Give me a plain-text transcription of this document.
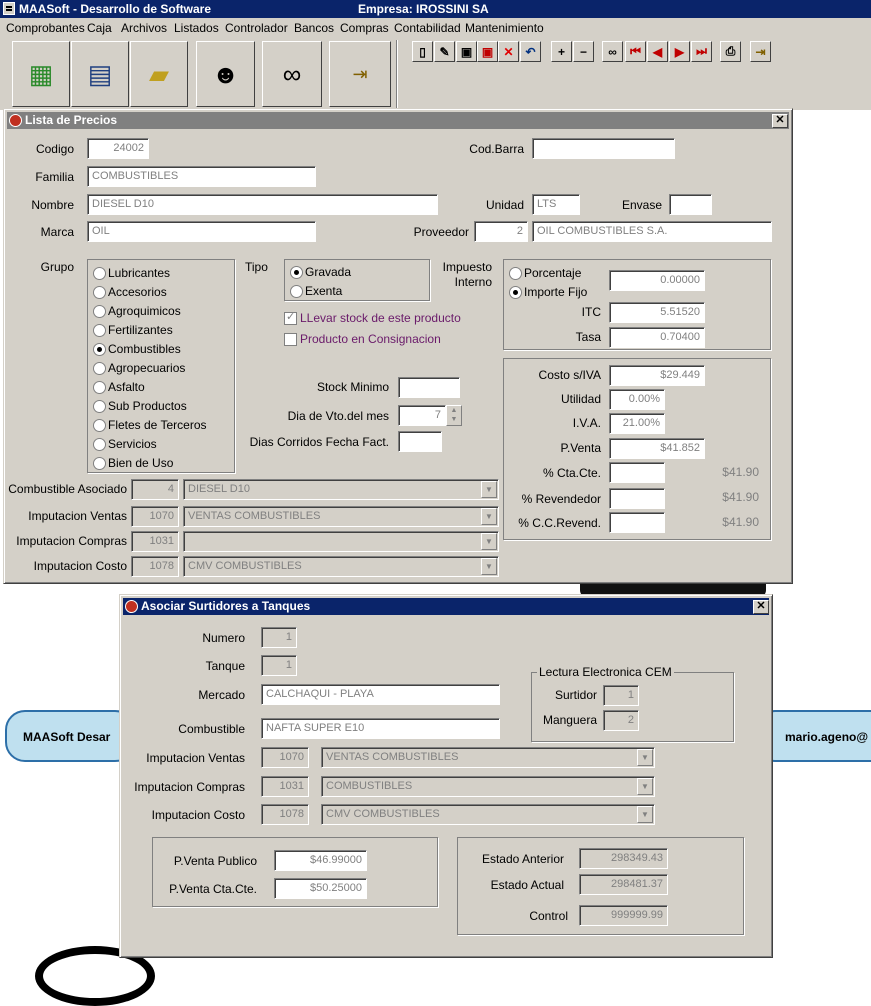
MAASoft - Desarrollo de Software	Empresa: IROSSINI SA
Comprobantes Caja Archivos Listados Controlador Bancos Compras Contabilidad Mantenimiento
▦ ▤ ▰ ☻ ∞	⇥
▯ ✎ ▣ ▣ ✕ ↶ + − ∞ ⏮ ◀ ▶ ⏭ ⎙ ⇥
MAASoft Desar	mario.ageno@
Lista de Precios	✕
Codigo	24002	Cod.Barra
Familia	COMBUSTIBLES
Nombre	DIESEL D10	Unidad	LTS	Envase
Marca	OIL	Proveedor	2	OIL COMBUSTIBLES S.A.
Grupo	Lubricantes
Accesorios
Agroquimicos
Fertilizantes
Combustibles
Agropecuarios
Asfalto
Sub Productos
Fletes de Terceros
Servicios
Bien de Uso
Tipo	Gravada
Exenta
LLevar stock de este producto ✓
Producto en Consignacion
Impuesto
Interno
Porcentaje
Importe Fijo
0.00000
ITC	5.51520
Tasa	0.70400
Stock Minimo
Dia de Vto.del mes	7	▲
▼
Dias Corridos Fecha Fact.
Costo s/IVA	$29.449
Utilidad	0.00%
I.V.A.	21.00%
P.Venta	$41.852
% Cta.Cte.	$41.90
% Revendedor	$41.90
% C.C.Revend.	$41.90
Combustible Asociado	4	DIESEL D10	▼
Imputacion Ventas	1070	VENTAS COMBUSTIBLES	▼
Imputacion Compras	1031	▼
Imputacion Costo	1078	CMV COMBUSTIBLES	▼
Asociar Surtidores a Tanques	✕
Numero	1
Tanque	1
Mercado	CALCHAQUI - PLAYA
Combustible	NAFTA SUPER E10
Lectura Electronica CEM
Surtidor	1
Manguera	2
Imputacion Ventas	1070	VENTAS COMBUSTIBLES	▼
Imputacion Compras	1031	COMBUSTIBLES	▼
Imputacion Costo	1078	CMV COMBUSTIBLES	▼
P.Venta Publico	$46.99000
P.Venta Cta.Cte.	$50.25000
Estado Anterior	298349.43
Estado Actual	298481.37
Control	999999.99
